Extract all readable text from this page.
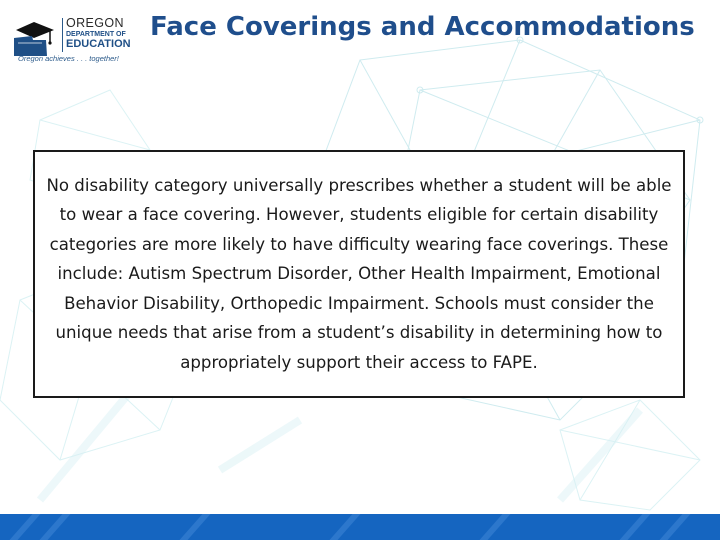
OREGON
DEPARTMENT OF
EDUCATION
Oregon achieves . . . together!
Face Coverings and Accommodations

No disability category universally prescribes whether a student will be able to wear a face covering. However, students eligible for certain disability categories are more likely to have difficulty wearing face coverings. These include: Autism Spectrum Disorder, Other Health Impairment, Emotional Behavior Disability, Orthopedic Impairment. Schools must consider the unique needs that arise from a student’s disability in determining how to appropriately support their access to FAPE.
